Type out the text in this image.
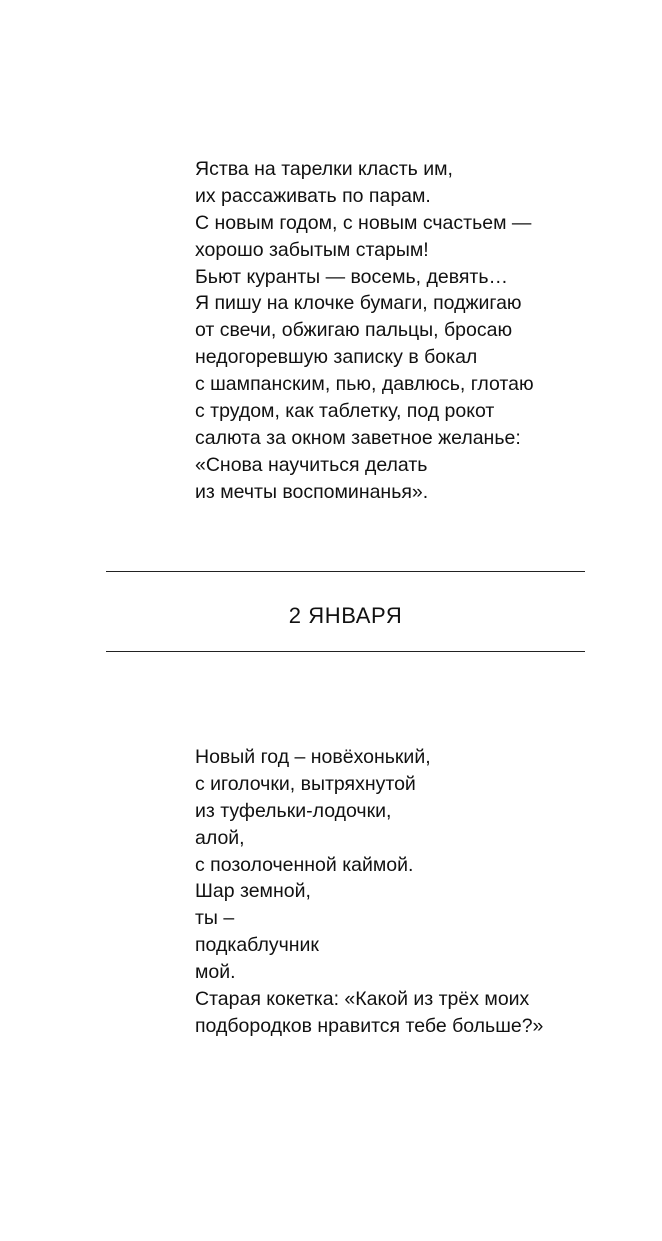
Яства на тарелки класть им,
их рассаживать по парам.
С новым годом, с новым счастьем —
хорошо забытым старым!
Бьют куранты — восемь, девять…
Я пишу на клочке бумаги, поджигаю
от свечи, обжигаю пальцы, бросаю
недогоревшую записку в бокал
с шампанским, пью, давлюсь, глотаю
с трудом, как таблетку, под рокот
салюта за окном заветное желанье:
«Снова научиться делать
из мечты воспоминанья».
2 ЯНВАРЯ
Новый год – новёхонький,
с иголочки, вытряхнутой
из туфельки-лодочки,
алой,
с позолоченной каймой.
Шар земной,
ты –
подкаблучник
мой.
Старая кокетка: «Какой из трёх моих
подбородков нравится тебе больше?»
